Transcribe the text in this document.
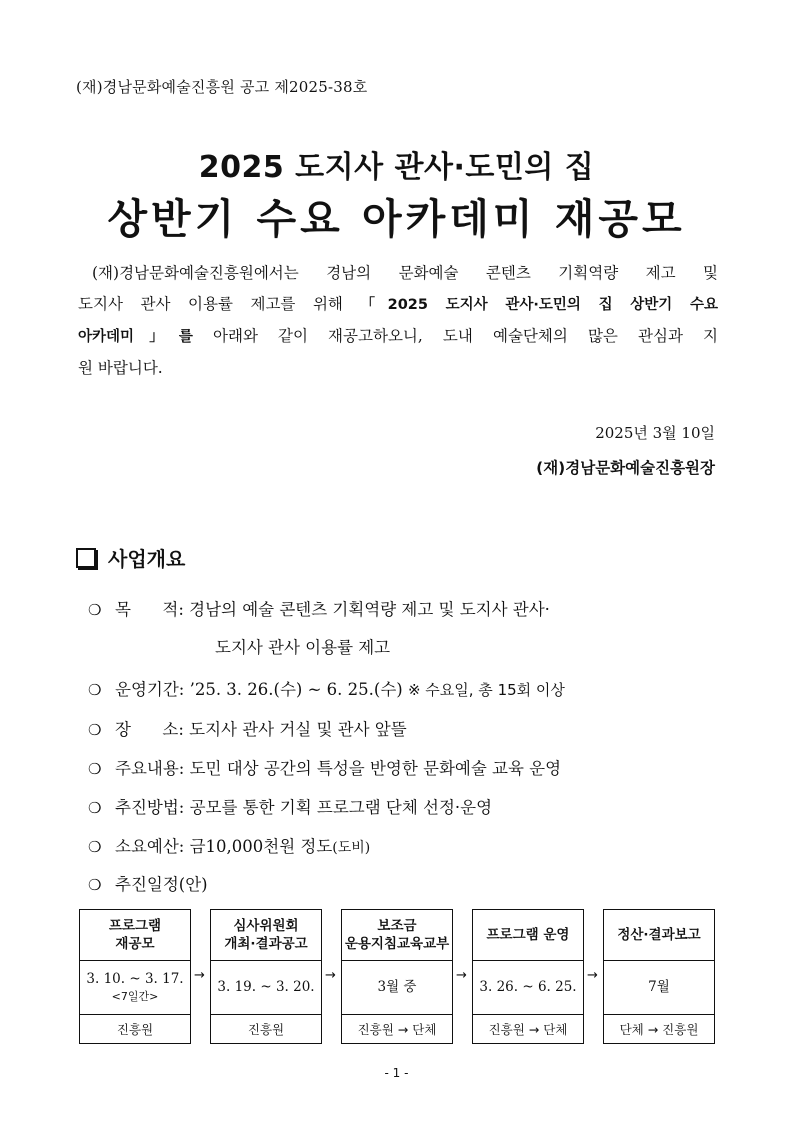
(재)경남문화예술진흥원 공고 제2025-38호
2025 도지사 관사·도민의 집
상반기 수요 아카데미 재공모
(재)경남문화예술진흥원에서는 경남의 문화예술 콘텐츠 기획역량 제고 및
도지사 관사 이용률 제고를 위해 「2025 도지사 관사·도민의 집 상반기 수요
아카데미」를 아래와 같이 재공고하오니, 도내 예술단체의 많은 관심과 지
원 바랍니다.
2025년 3월 10일
(재)경남문화예술진흥원장
사업개요
❍ 목      적: 경남의 예술 콘텐츠 기획역량 제고 및 도지사 관사·
도지사 관사 이용률 제고
❍ 운영기간: ’25. 3. 26.(수) ~ 6. 25.(수) ※ 수요일, 총 15회 이상
❍ 장      소: 도지사 관사 거실 및 관사 앞뜰
❍ 주요내용: 도민 대상 공간의 특성을 반영한 문화예술 교육 운영
❍ 추진방법: 공모를 통한 기획 프로그램 단체 선정·운영
❍ 소요예산: 금10,000천원 정도(도비)
❍ 추진일정(안)
프로그램
재공모
3. 10. ~ 3. 17.
<7일간>
진흥원
→
심사위원회
개최·결과공고
3. 19. ~ 3. 20.
진흥원
→
보조금
운용지침교육교부
3월 중
진흥원 → 단체
→
프로그램 운영
3. 26. ~ 6. 25.
진흥원 → 단체
→
정산·결과보고
7월
단체 → 진흥원
- 1 -
